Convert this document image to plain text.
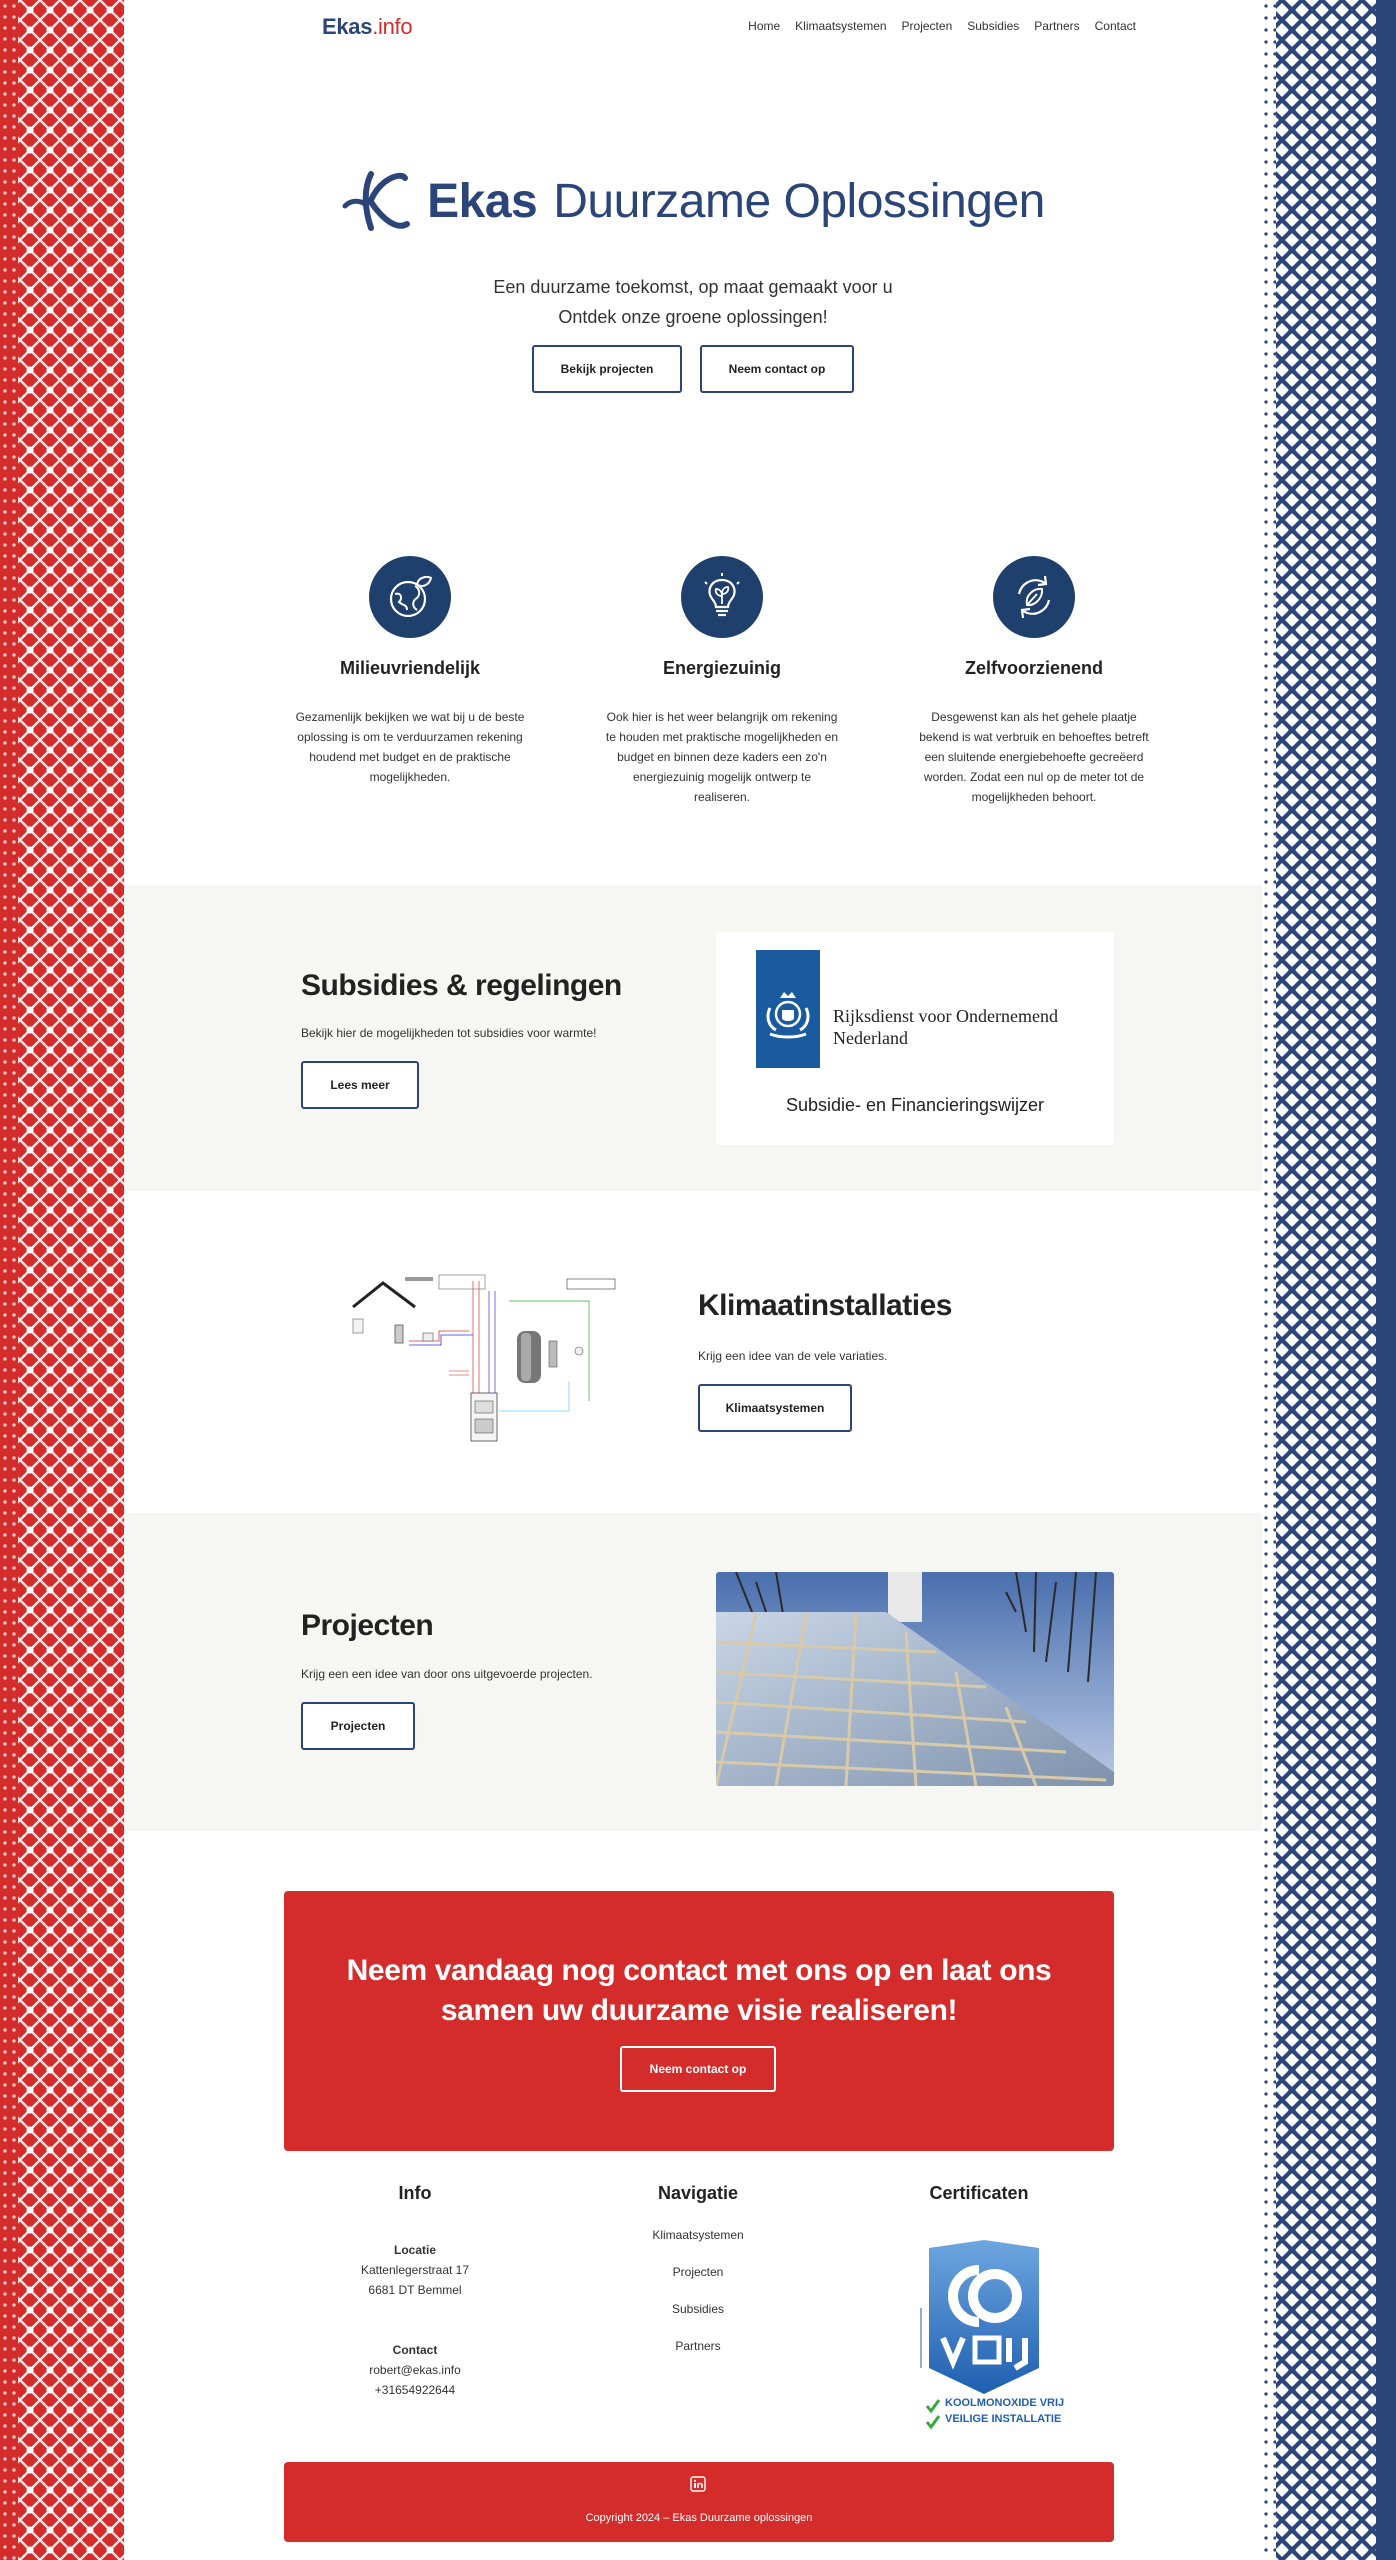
Ekas.info	Home Klimaatsystemen Projecten Subsidies Partners Contact
Ekas Duurzame Oplossingen
Een duurzame toekomst, op maat gemaakt voor u
Ontdek onze groene oplossingen!
Bekijk projecten	Neem contact op
Milieuvriendelijk

Gezamenlijk bekijken we wat bij u de beste oplossing is om te verduurzamen rekening houdend met budget en de praktische mogelijkheden.

Energiezuinig

Ook hier is het weer belangrijk om rekening te houden met praktische mogelijkheden en budget en binnen deze kaders een zo'n energiezuinig mogelijk ontwerp te realiseren.

Zelfvoorzienend

Desgewenst kan als het gehele plaatje bekend is wat verbruik en behoeftes betreft een sluitende energiebehoefte gecreëerd worden. Zodat een nul op de meter tot de mogelijkheden behoort.

Subsidies & regelingen
Bekijk hier de mogelijkheden tot subsidies voor warmte!
Lees meer
Rijksdienst voor Ondernemend
Nederland
Subsidie- en Financieringswijzer
Klimaatinstallaties
Krijg een idee van de vele variaties.
Klimaatsystemen
Projecten
Krijg een een idee van door ons uitgevoerde projecten.
Projecten
Neem vandaag nog contact met ons op en laat ons
samen uw duurzame visie realiseren!
Neem contact op
Info
Locatie
Kattenlegerstraat 17
6681 DT Bemmel
Contact
robert@ekas.info
+31654922644
Navigatie
Klimaatsystemen
Projecten
Subsidies
Partners
Certificaten
KOOLMONOXIDE VRIJ
VEILIGE INSTALLATIE
Copyright 2024 – Ekas Duurzame oplossingen
